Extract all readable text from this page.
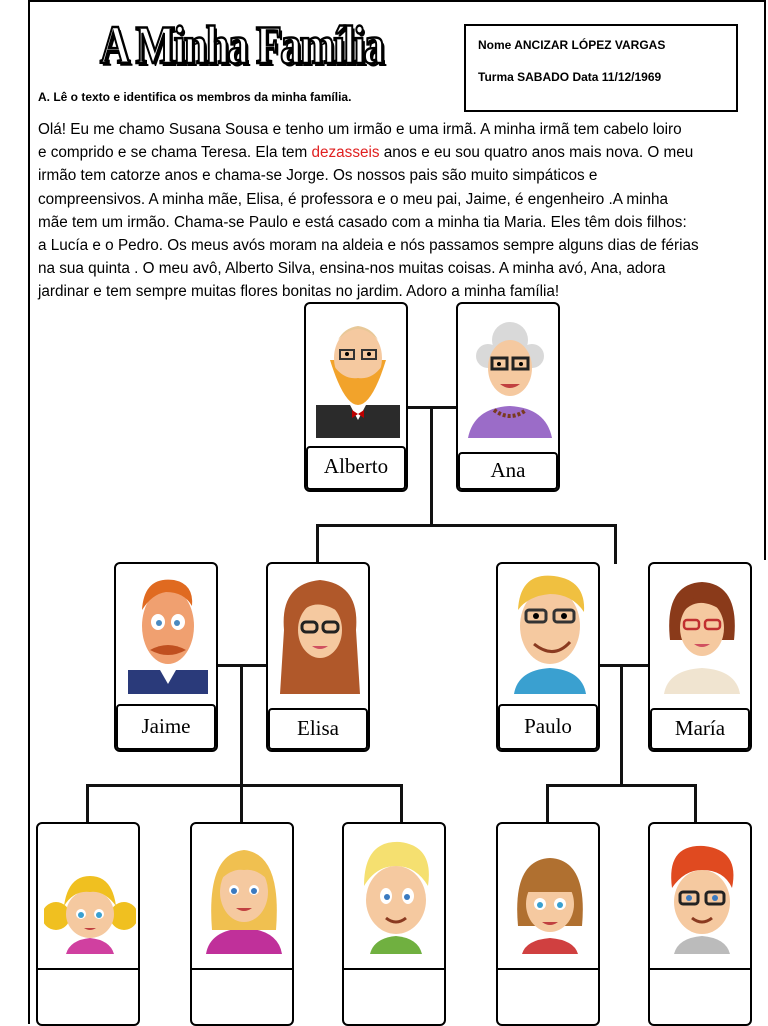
A Minha Família	Nome ANCIZAR LÓPEZ VARGAS
Turma SABADO Data 11/12/1969
A. Lê o texto e identifica os membros da minha família.
Olá! Eu me chamo Susana Sousa e tenho um irmão e uma irmã. A minha irmã tem cabelo loiro
e comprido e se chama Teresa. Ela tem dezasseis anos e eu sou quatro anos mais nova. O meu
irmão tem catorze anos e chama-se Jorge. Os nossos pais são muito simpáticos e
compreensivos. A minha mãe, Elisa, é professora e o meu pai, Jaime, é engenheiro .A minha
mãe tem um irmão. Chama-se Paulo e está casado com a minha tia Maria. Eles têm dois filhos:
a Lucía e o Pedro. Os meus avós moram na aldeia e nós passamos sempre alguns dias de férias
na sua quinta . O meu avô, Alberto Silva, ensina-nos muitas coisas. A minha avó, Ana, adora
jardinar e tem sempre muitas flores bonitas no jardim. Adoro a minha família!
Alberto	Ana
Jaime	Elisa	Paulo	María
